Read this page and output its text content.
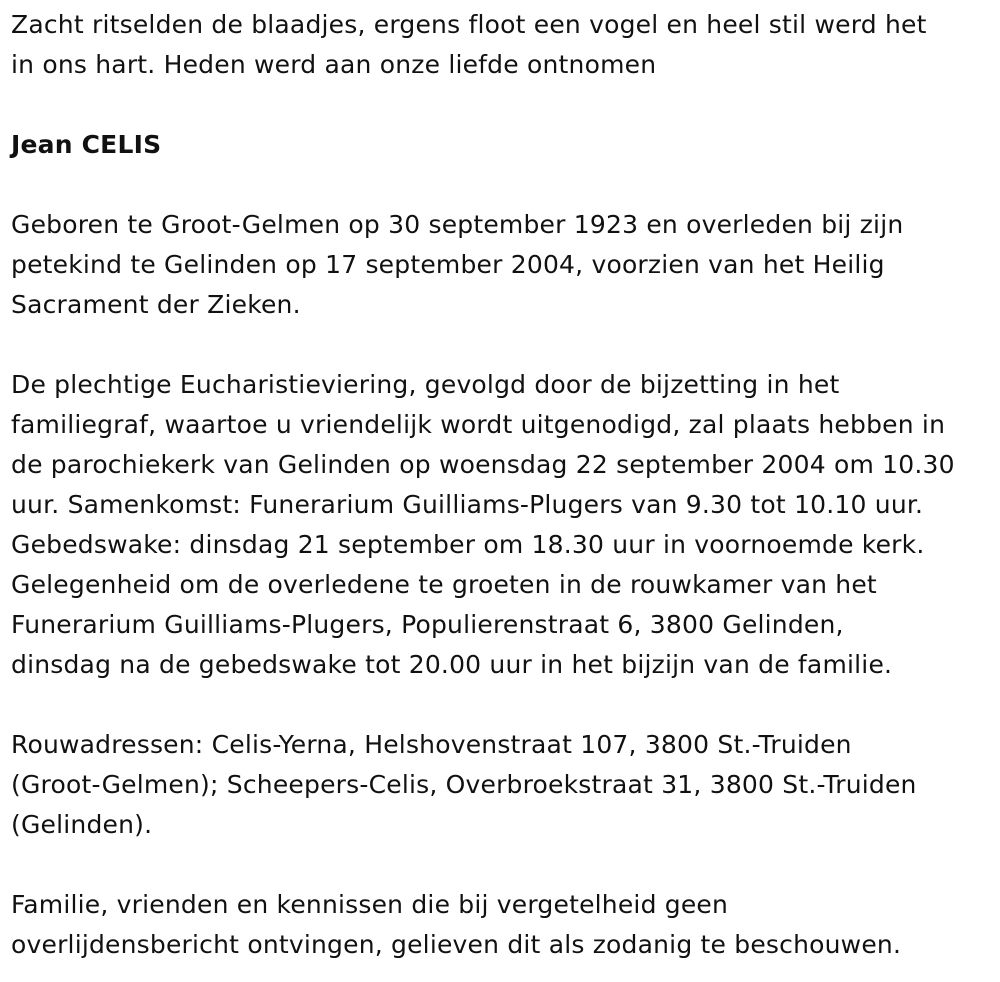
Zacht ritselden de blaadjes, ergens floot een vogel en heel stil werd het
in ons hart. Heden werd aan onze liefde ontnomen

Jean CELIS

Geboren te Groot-Gelmen op 30 september 1923 en overleden bij zijn
petekind te Gelinden op 17 september 2004, voorzien van het Heilig
Sacrament der Zieken.

De plechtige Eucharistieviering, gevolgd door de bijzetting in het
familiegraf, waartoe u vriendelijk wordt uitgenodigd, zal plaats hebben in
de parochiekerk van Gelinden op woensdag 22 september 2004 om 10.30
uur. Samenkomst: Funerarium Guilliams-Plugers van 9.30 tot 10.10 uur.
Gebedswake: dinsdag 21 september om 18.30 uur in voornoemde kerk.
Gelegenheid om de overledene te groeten in de rouwkamer van het
Funerarium Guilliams-Plugers, Populierenstraat 6, 3800 Gelinden,
dinsdag na de gebedswake tot 20.00 uur in het bijzijn van de familie.

Rouwadressen: Celis-Yerna, Helshovenstraat 107, 3800 St.-Truiden
(Groot-Gelmen); Scheepers-Celis, Overbroekstraat 31, 3800 St.-Truiden
(Gelinden).

Familie, vrienden en kennissen die bij vergetelheid geen
overlijdensbericht ontvingen, gelieven dit als zodanig te beschouwen.
